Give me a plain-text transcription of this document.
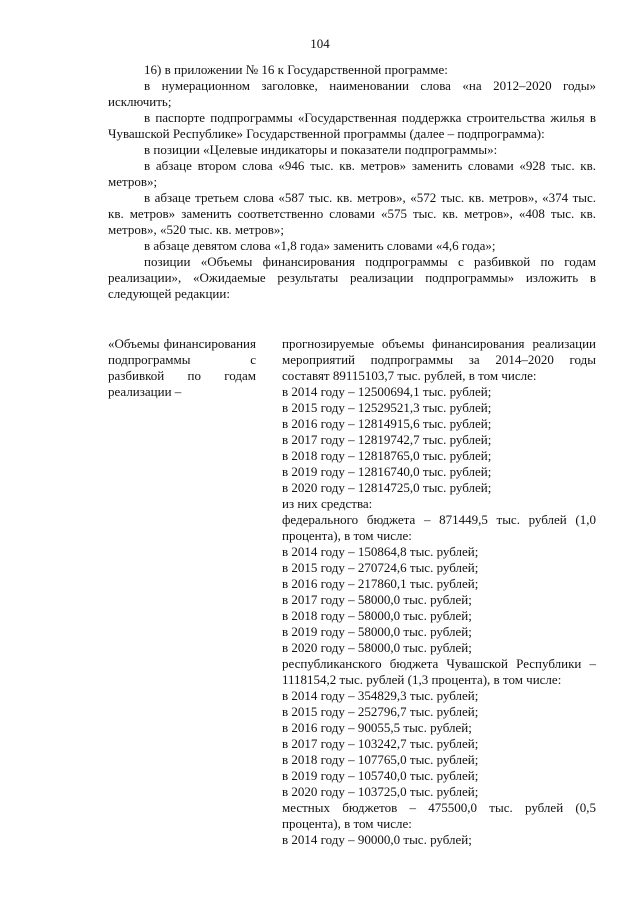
104

16) в приложении № 16 к Государственной программе:

в нумерационном заголовке, наименовании слова «на 2012–2020 годы» исключить;

в паспорте подпрограммы «Государственная поддержка строительства жилья в Чувашской Республике» Государственной программы (далее – подпрограмма):

в позиции «Целевые индикаторы и показатели подпрограммы»:

в абзаце втором слова «946 тыс. кв. метров» заменить словами «928 тыс. кв. метров»;

в абзаце третьем слова «587 тыс. кв. метров», «572 тыс. кв. метров», «374 тыс. кв. метров» заменить соответственно словами «575 тыс. кв. метров», «408 тыс. кв. метров», «520 тыс. кв. метров»;

в абзаце девятом слова «1,8 года» заменить словами «4,6 года»;

позиции «Объемы финансирования подпрограммы с разбивкой по годам реализации», «Ожидаемые результаты реализации подпрограммы» изложить в следующей редакции:

«Объемы финансирования подпрограммы с разбивкой по годам реализации –

прогнозируемые объемы финансирования реализации мероприятий подпрограммы за 2014–2020 годы составят 89115103,7 тыс. рублей, в том числе:

в 2014 году – 12500694,1 тыс. рублей;
в 2015 году – 12529521,3 тыс. рублей;
в 2016 году – 12814915,6 тыс. рублей;
в 2017 году – 12819742,7 тыс. рублей;
в 2018 году – 12818765,0 тыс. рублей;
в 2019 году – 12816740,0 тыс. рублей;
в 2020 году – 12814725,0 тыс. рублей;
из них средства:

федерального бюджета – 871449,5 тыс. рублей (1,0 процента), в том числе:

в 2014 году – 150864,8 тыс. рублей;
в 2015 году – 270724,6 тыс. рублей;
в 2016 году – 217860,1 тыс. рублей;
в 2017 году – 58000,0 тыс. рублей;
в 2018 году – 58000,0 тыс. рублей;
в 2019 году – 58000,0 тыс. рублей;
в 2020 году – 58000,0 тыс. рублей;

республиканского бюджета Чувашской Республики – 1118154,2 тыс. рублей (1,3 процента), в том числе:

в 2014 году – 354829,3 тыс. рублей;
в 2015 году – 252796,7 тыс. рублей;
в 2016 году – 90055,5 тыс. рублей;
в 2017 году – 103242,7 тыс. рублей;
в 2018 году – 107765,0 тыс. рублей;
в 2019 году – 105740,0 тыс. рублей;
в 2020 году – 103725,0 тыс. рублей;

местных бюджетов – 475500,0 тыс. рублей (0,5 процента), в том числе:

в 2014 году – 90000,0 тыс. рублей;
